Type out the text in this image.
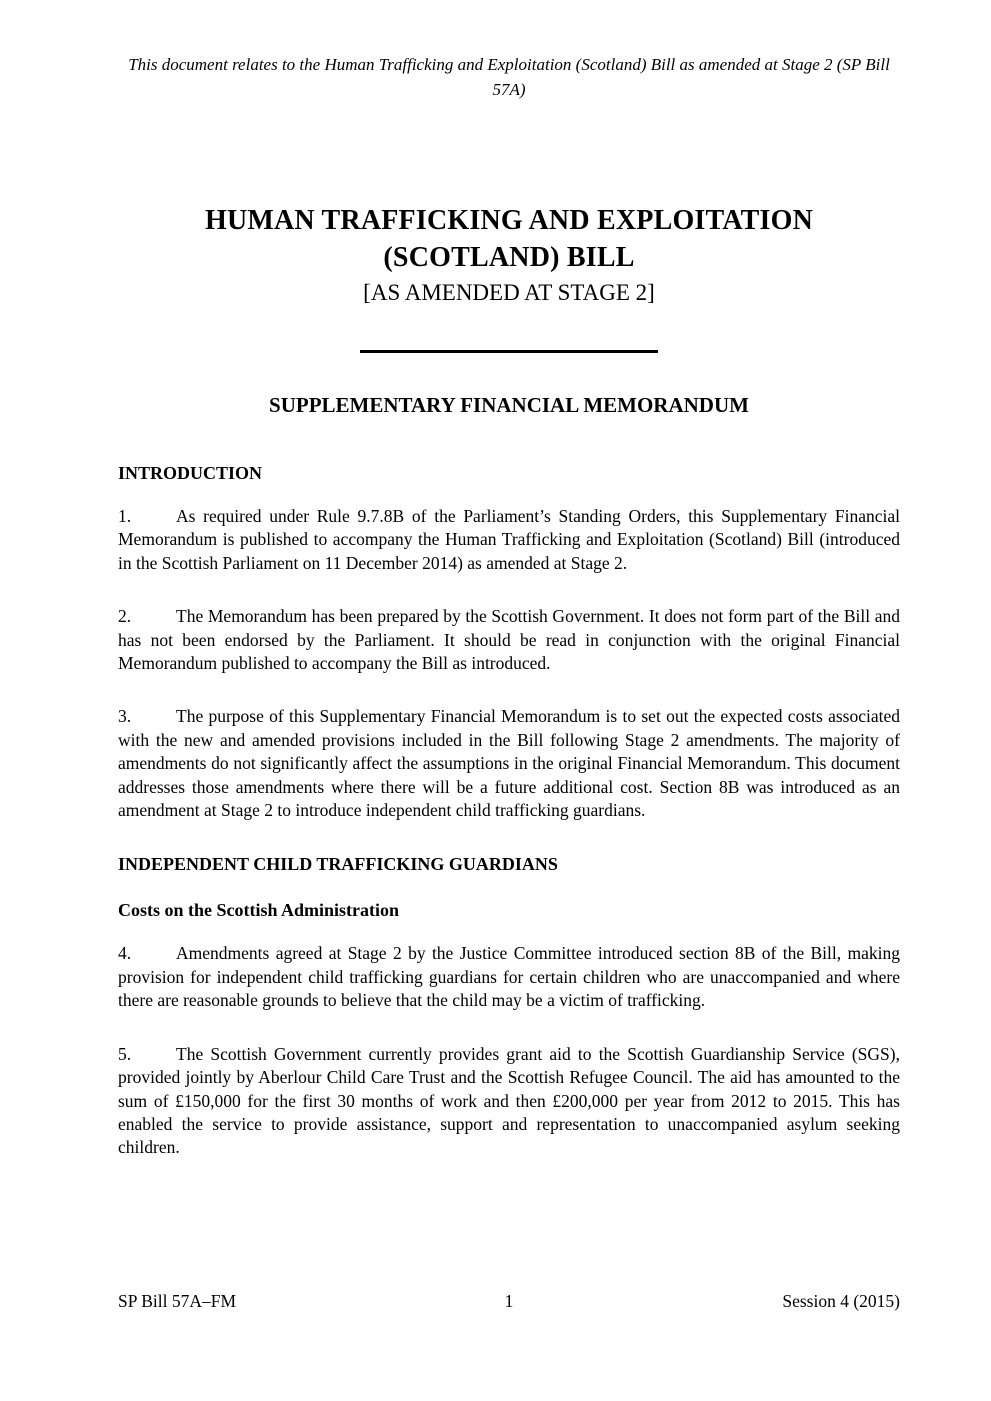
This document relates to the Human Trafficking and Exploitation (Scotland) Bill as amended at Stage 2 (SP Bill 57A)
HUMAN TRAFFICKING AND EXPLOITATION
(SCOTLAND) BILL
[AS AMENDED AT STAGE 2]
SUPPLEMENTARY FINANCIAL MEMORANDUM
INTRODUCTION
1.	As required under Rule 9.7.8B of the Parliament’s Standing Orders, this Supplementary Financial Memorandum is published to accompany the Human Trafficking and Exploitation (Scotland) Bill (introduced in the Scottish Parliament on 11 December 2014) as amended at Stage 2.
2.	The Memorandum has been prepared by the Scottish Government. It does not form part of the Bill and has not been endorsed by the Parliament. It should be read in conjunction with the original Financial Memorandum published to accompany the Bill as introduced.
3.	The purpose of this Supplementary Financial Memorandum is to set out the expected costs associated with the new and amended provisions included in the Bill following Stage 2 amendments. The majority of amendments do not significantly affect the assumptions in the original Financial Memorandum. This document addresses those amendments where there will be a future additional cost. Section 8B was introduced as an amendment at Stage 2 to introduce independent child trafficking guardians.
INDEPENDENT CHILD TRAFFICKING GUARDIANS
Costs on the Scottish Administration
4.	Amendments agreed at Stage 2 by the Justice Committee introduced section 8B of the Bill, making provision for independent child trafficking guardians for certain children who are unaccompanied and where there are reasonable grounds to believe that the child may be a victim of trafficking.
5.	The Scottish Government currently provides grant aid to the Scottish Guardianship Service (SGS), provided jointly by Aberlour Child Care Trust and the Scottish Refugee Council. The aid has amounted to the sum of £150,000 for the first 30 months of work and then £200,000 per year from 2012 to 2015. This has enabled the service to provide assistance, support and representation to unaccompanied asylum seeking children.
SP Bill 57A–FM	1	Session 4 (2015)
